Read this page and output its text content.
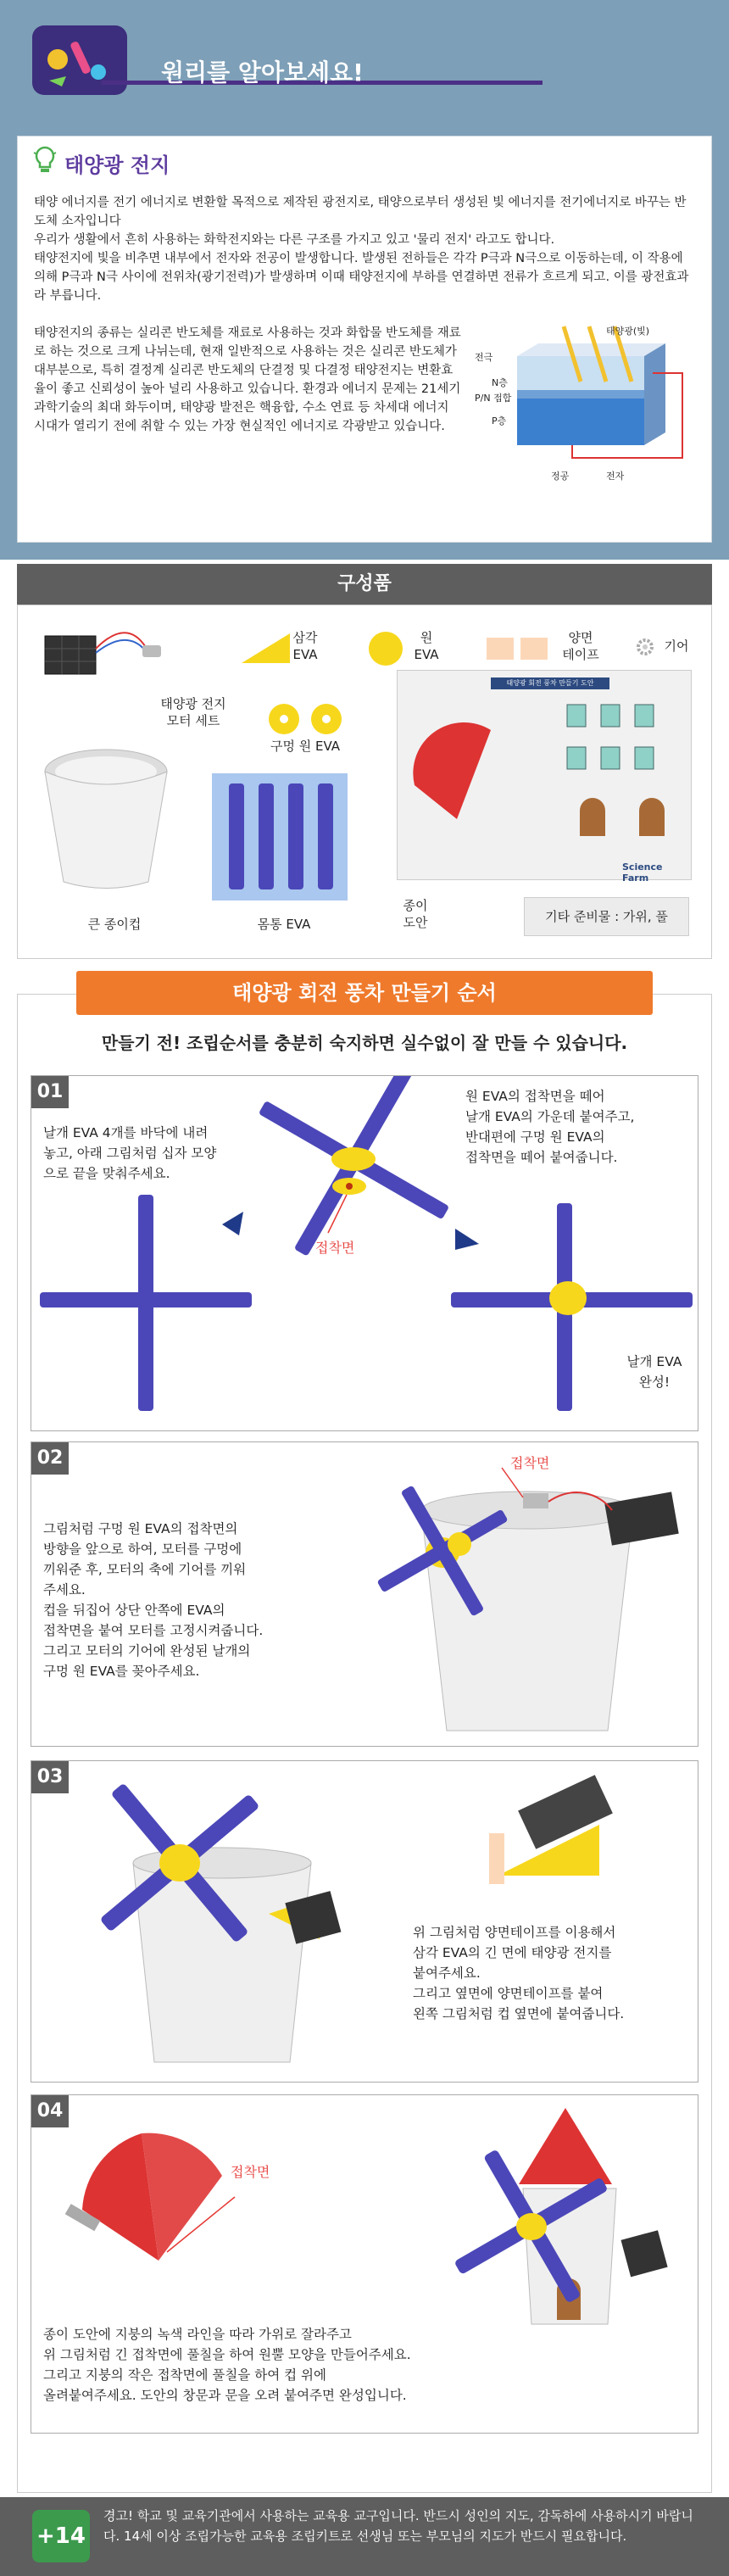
원리를 알아보세요!
태양광 전지

태양 에너지를 전기 에너지로 변환할 목적으로 제작된 광전지로, 태양으로부터 생성된 빛 에너지를 전기에너지로 바꾸는 반도체 소자입니다

우리가 생활에서 흔히 사용하는 화학전지와는 다른 구조를 가지고 있고 '물리 전지' 라고도 합니다.

태양전지에 빛을 비추면 내부에서 전자와 전공이 발생합니다. 발생된 전하들은 각각 P극과 N극으로 이동하는데, 이 작용에 의해 P극과 N극 사이에 전위차(광기전력)가 발생하며 이때 태양전지에 부하를 연결하면 전류가 흐르게 되고. 이를 광전효과라 부릅니다.

태양전지의 종류는 실리콘 반도체를 재료로 사용하는 것과 화합물 반도체를 재료로 하는 것으로 크게 나뉘는데, 현재 일반적으로 사용하는 것은 실리콘 반도체가 대부분으로, 특히 결정계 실리콘 반도체의 단결정 및 다결정 태양전지는 변환효율이 좋고 신뢰성이 높아 널리 사용하고 있습니다. 환경과 에너지 문제는 21세기 과학기술의 최대 화두이며, 태양광 발전은 핵융합, 수소 연료 등 차세대 에너지 시대가 열리기 전에 취할 수 있는 가장 현실적인 에너지로 각광받고 있습니다.
태양광(빛)
전극
N층
P/N 접합
P층
정공	전자
구성품
태양광 전지
모터 세트
삼각
EVA
원
EVA
양면
테이프
기어
구멍 원 EVA
큰 종이컵	몸통 EVA
태양광 회전 풍차 만들기 도안
Science Farm
종이
도안	기타 준비물 : 가위, 풀
태양광 회전 풍차 만들기 순서
만들기 전! 조립순서를 충분히 숙지하면 실수없이 잘 만들 수 있습니다.
01
날개 EVA 4개를 바닥에 내려
놓고, 아래 그림처럼 십자 모양
으로 끝을 맞춰주세요.
원 EVA의 접착면을 떼어
날개 EVA의 가운데 붙여주고,
반대편에 구멍 원 EVA의
접착면을 떼어 붙여줍니다.
접착면
날개 EVA
완성!
02
그림처럼 구멍 원 EVA의 접착면의
방향을 앞으로 하여, 모터를 구멍에
끼워준 후, 모터의 축에 기어를 끼워
주세요.
컵을 뒤집어 상단 안쪽에 EVA의
접착면을 붙여 모터를 고정시켜줍니다.
그리고 모터의 기어에 완성된 날개의
구멍 원 EVA를 꽂아주세요.
접착면
03
위 그림처럼 양면테이프를 이용해서
삼각 EVA의 긴 면에 태양광 전지를
붙여주세요.
그리고 옆면에 양면테이프를 붙여
왼쪽 그림처럼 컵 옆면에 붙여줍니다.
04
접착면
종이 도안에 지붕의 녹색 라인을 따라 가위로 잘라주고
위 그림처럼 긴 접착면에 풀칠을 하여 원뿔 모양을 만들어주세요.
그리고 지붕의 작은 접착면에 풀칠을 하여 컵 위에
올려붙여주세요. 도안의 창문과 문을 오려 붙여주면 완성입니다.
+14
경고! 학교 및 교육기관에서 사용하는 교육용 교구입니다. 반드시 성인의 지도, 감독하에 사용하시기 바랍니다. 14세 이상 조립가능한 교육용 조립키트로 선생님 또는 부모님의 지도가 반드시 필요합니다.
